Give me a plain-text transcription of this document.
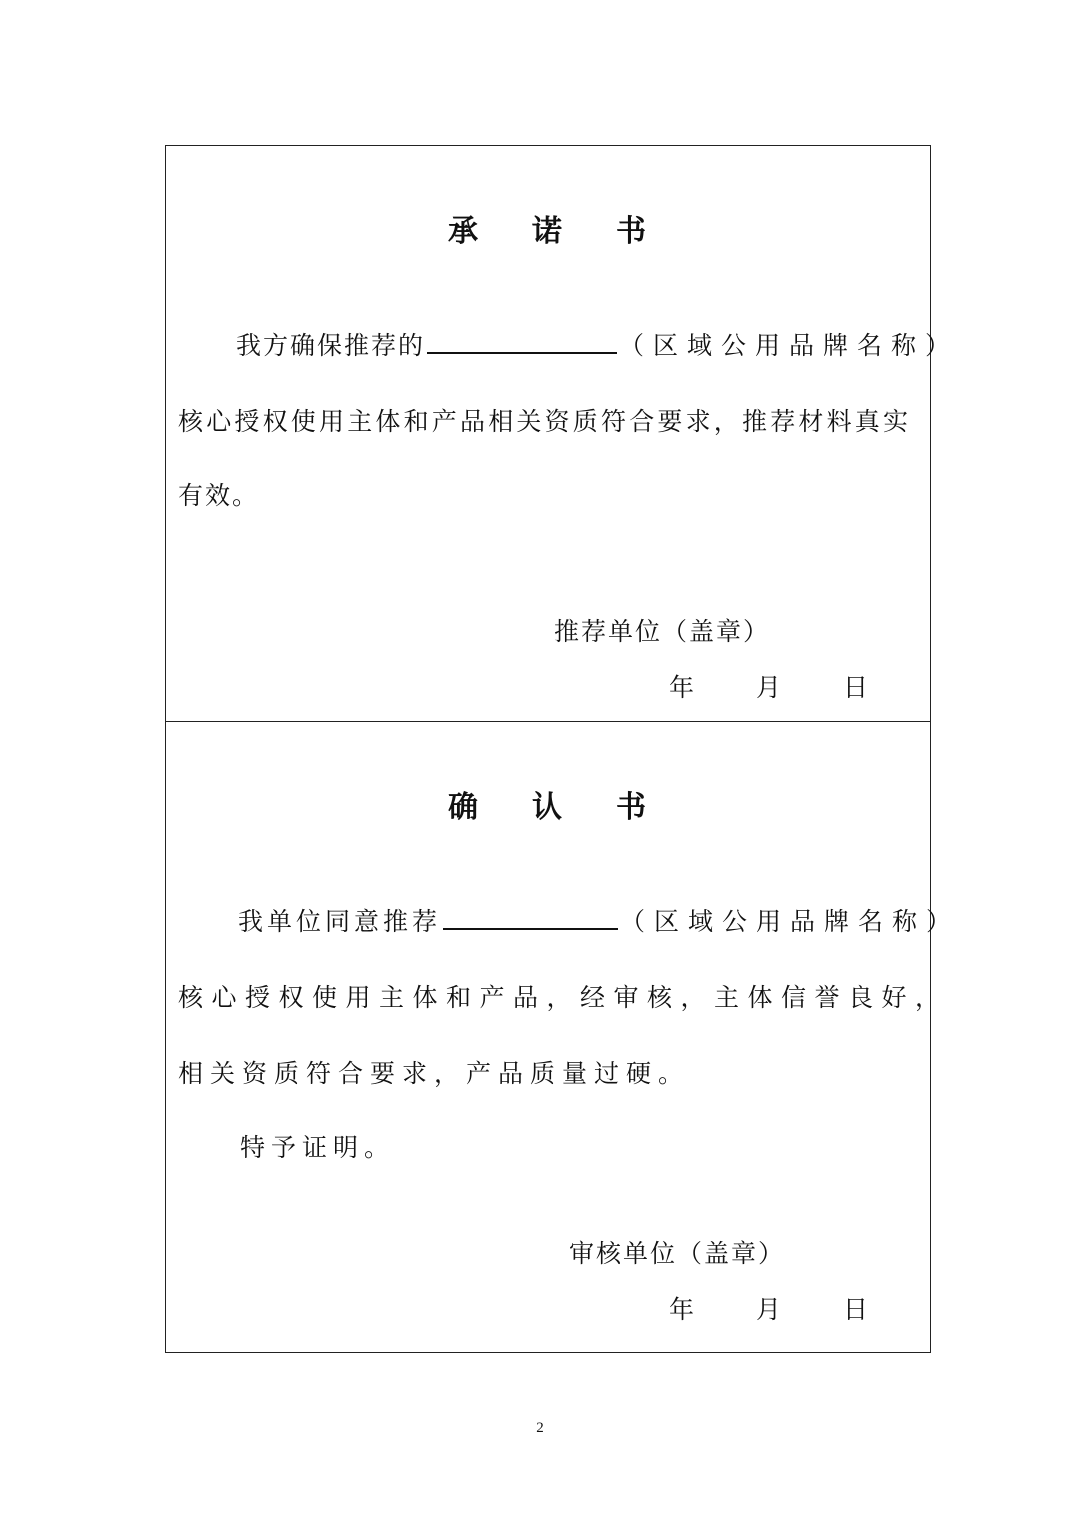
承 诺 书
我方确保推荐的	（区域公用品牌名称）
核心授权使用主体和产品相关资质符合要求，推荐材料真实
有效。
推荐单位（盖章）
年 月 日
确 认 书
我单位同意推荐	（区域公用品牌名称）
核心授权使用主体和产品，经审核，主体信誉良好，
相关资质符合要求，产品质量过硬。
特予证明。
审核单位（盖章）
年 月 日
2
